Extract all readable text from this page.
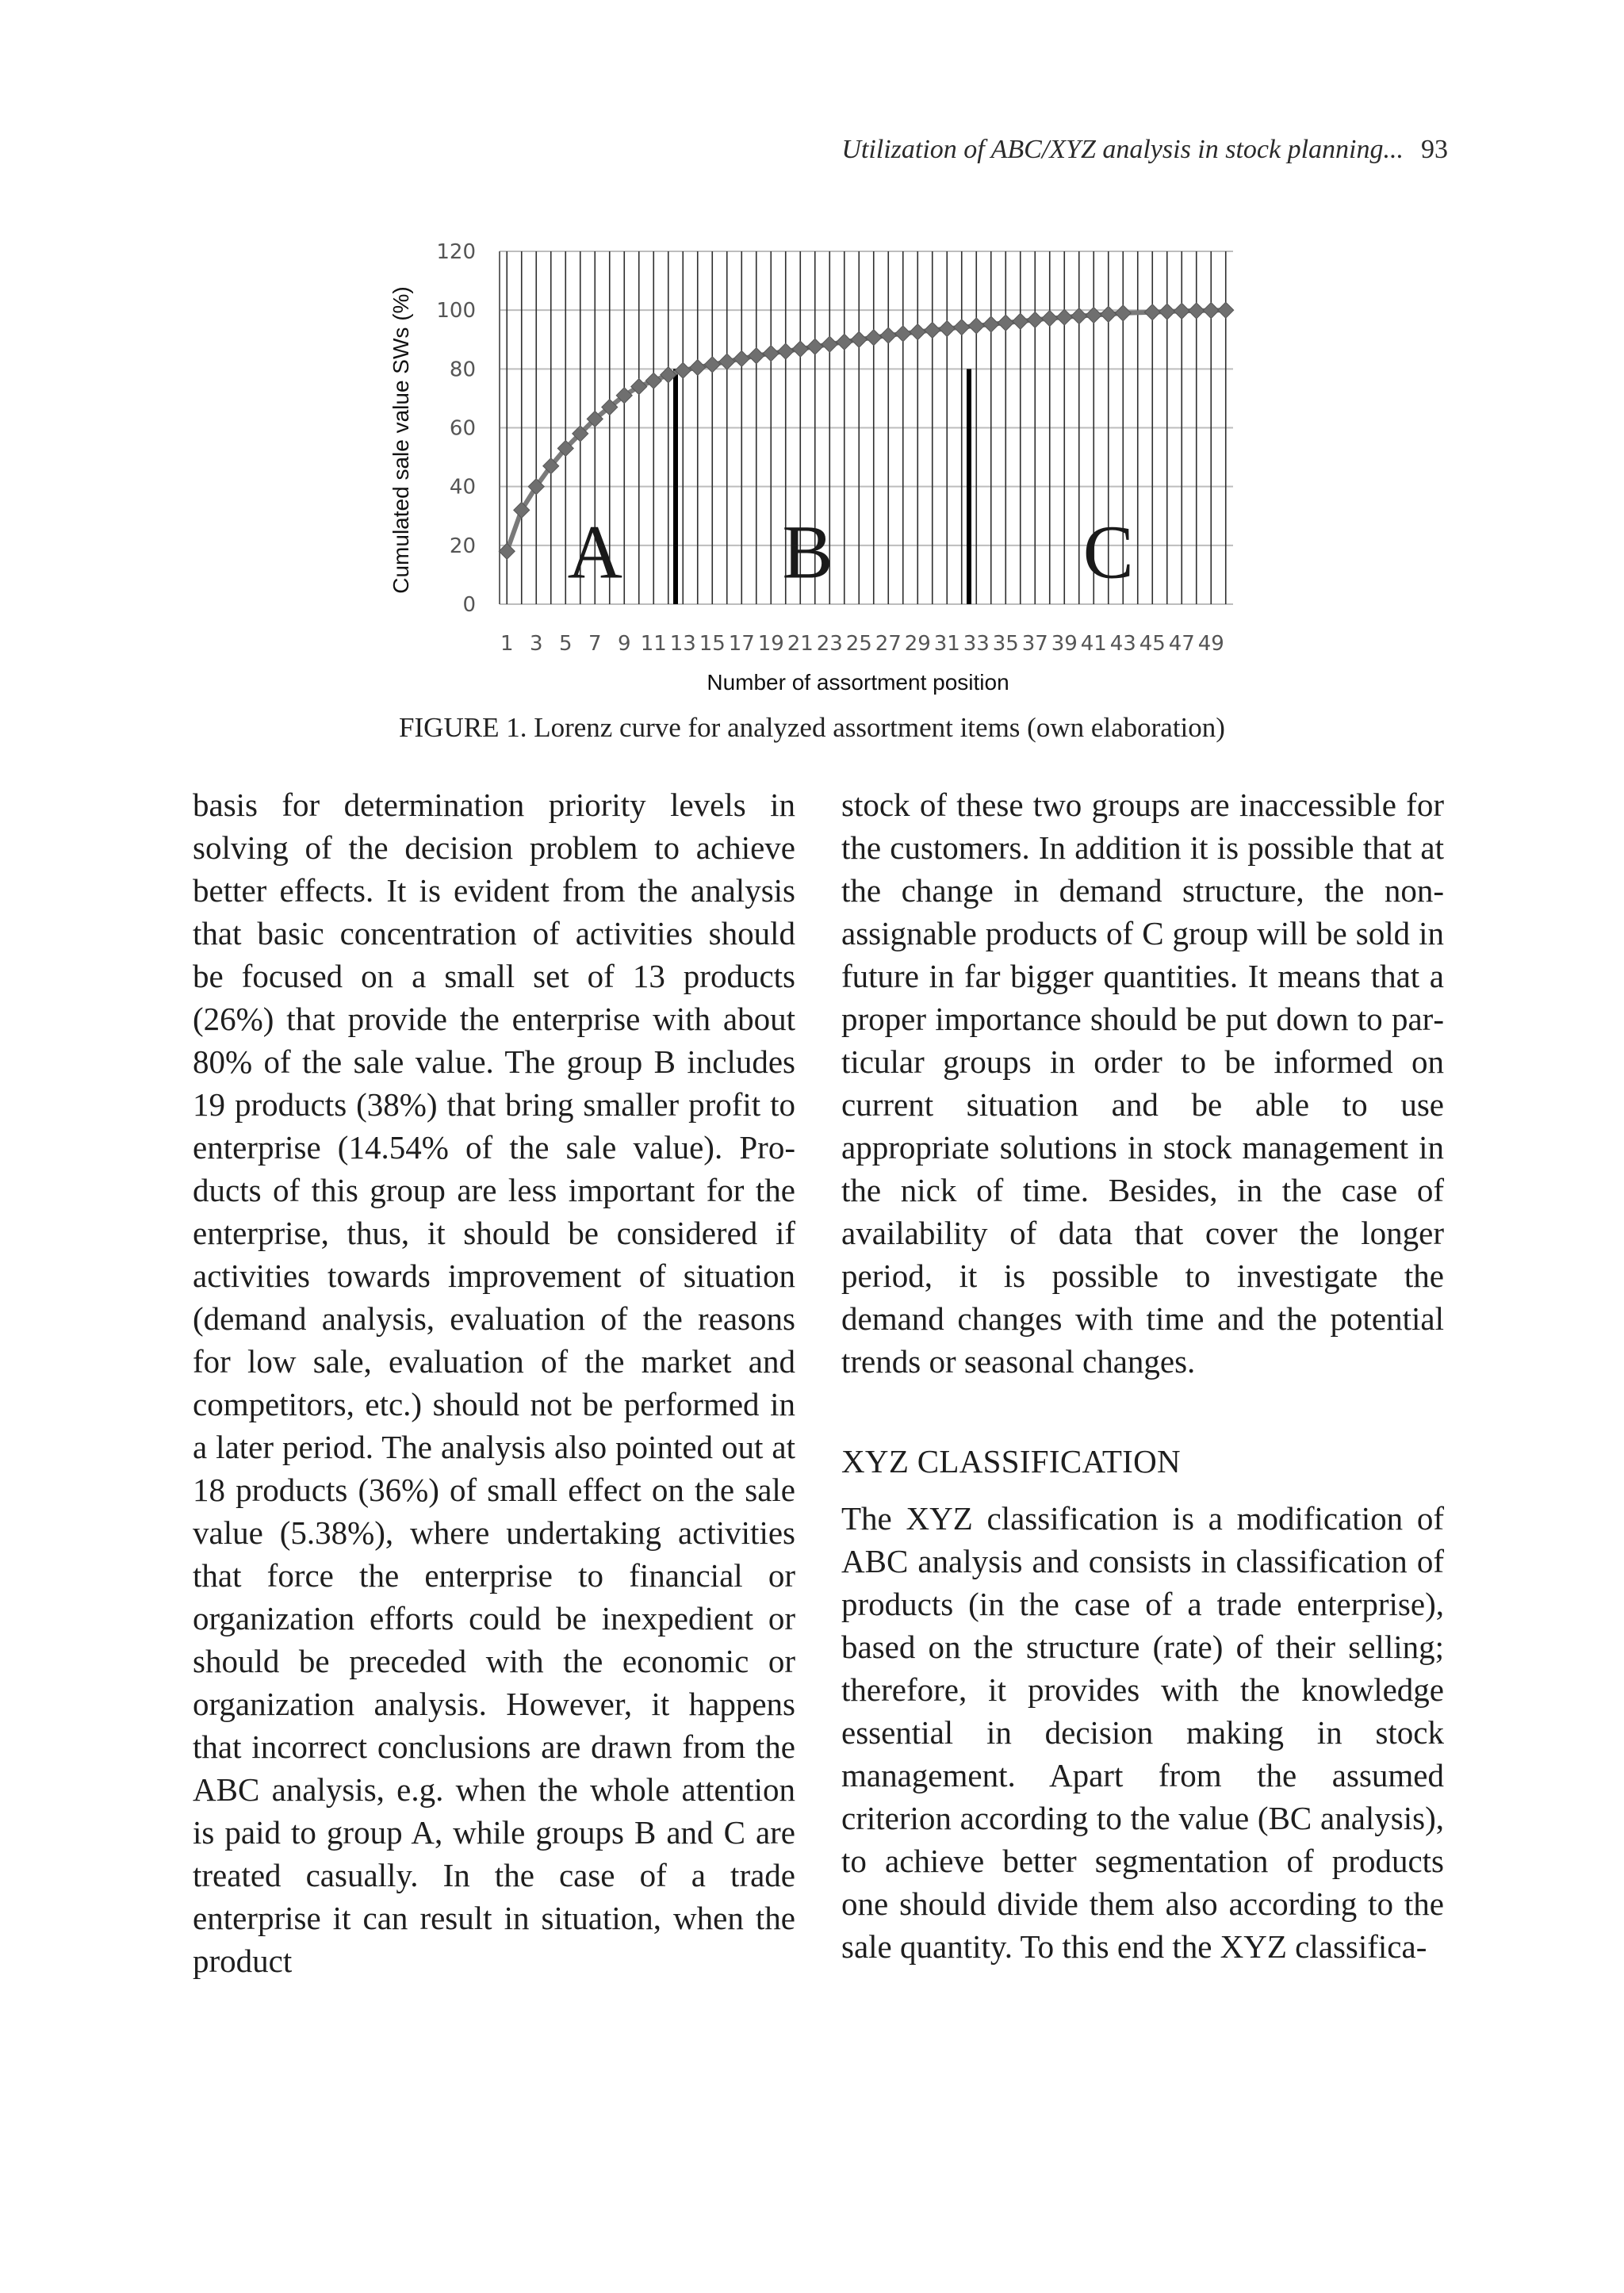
Utilization of ABC/XYZ analysis in stock planning... 93
0
20
40
60
80
100
120
1 3 5 7 9 11 13 15 17 19 21 23 25 27 29 31 33 35 37 39 41 43 45 47 49
A B	C
Number of assortment position
Cumulated sale value SWs (%)
FIGURE 1. Lorenz curve for analyzed assortment items (own elaboration)

basis for determination priority levels in solving of the decision problem to achieve better effects. It is evident from the analysis that basic concentration of activities should be focused on a small set of 13 products (26%) that provide the enterprise with about 80% of the sale value. The group B includes 19 products (38%) that bring smaller profit to enterprise (14.54% of the sale value). Products of this group are less important for the enterprise, thus, it should be considered if activities towards improvement of situation (demand analysis, evaluation of the reasons for low sale, evaluation of the market and competitors, etc.) should not be performed in a later period. The analysis also pointed out at 18 products (36%) of small effect on the sale value (5.38%), where undertaking activities that force the enterprise to financial or organization efforts could be inexpedient or should be preceded with the economic or organization analysis. However, it happens that incorrect conclusions are drawn from the ABC analysis, e.g. when the whole attention is paid to group A, while groups B and C are treated casually. In the case of a trade enterprise it can result in situation, when the product

stock of these two groups are inaccessible for the customers. In addition it is possible that at the change in demand structure, the non-assignable products of C group will be sold in future in far bigger quantities. It means that a proper importance should be put down to particular groups in order to be informed on current situation and be able to use appropriate solutions in stock management in the nick of time. Besides, in the case of availability of data that cover the longer period, it is possible to investigate the demand changes with time and the potential trends or seasonal changes.

XYZ CLASSIFICATION

The XYZ classification is a modification of ABC analysis and consists in classification of products (in the case of a trade enterprise), based on the structure (rate) of their selling; therefore, it provides with the knowledge essential in decision making in stock management. Apart from the assumed criterion according to the value (BC analysis), to achieve better segmentation of products one should divide them also according to the sale quantity. To this end the XYZ classifica-
